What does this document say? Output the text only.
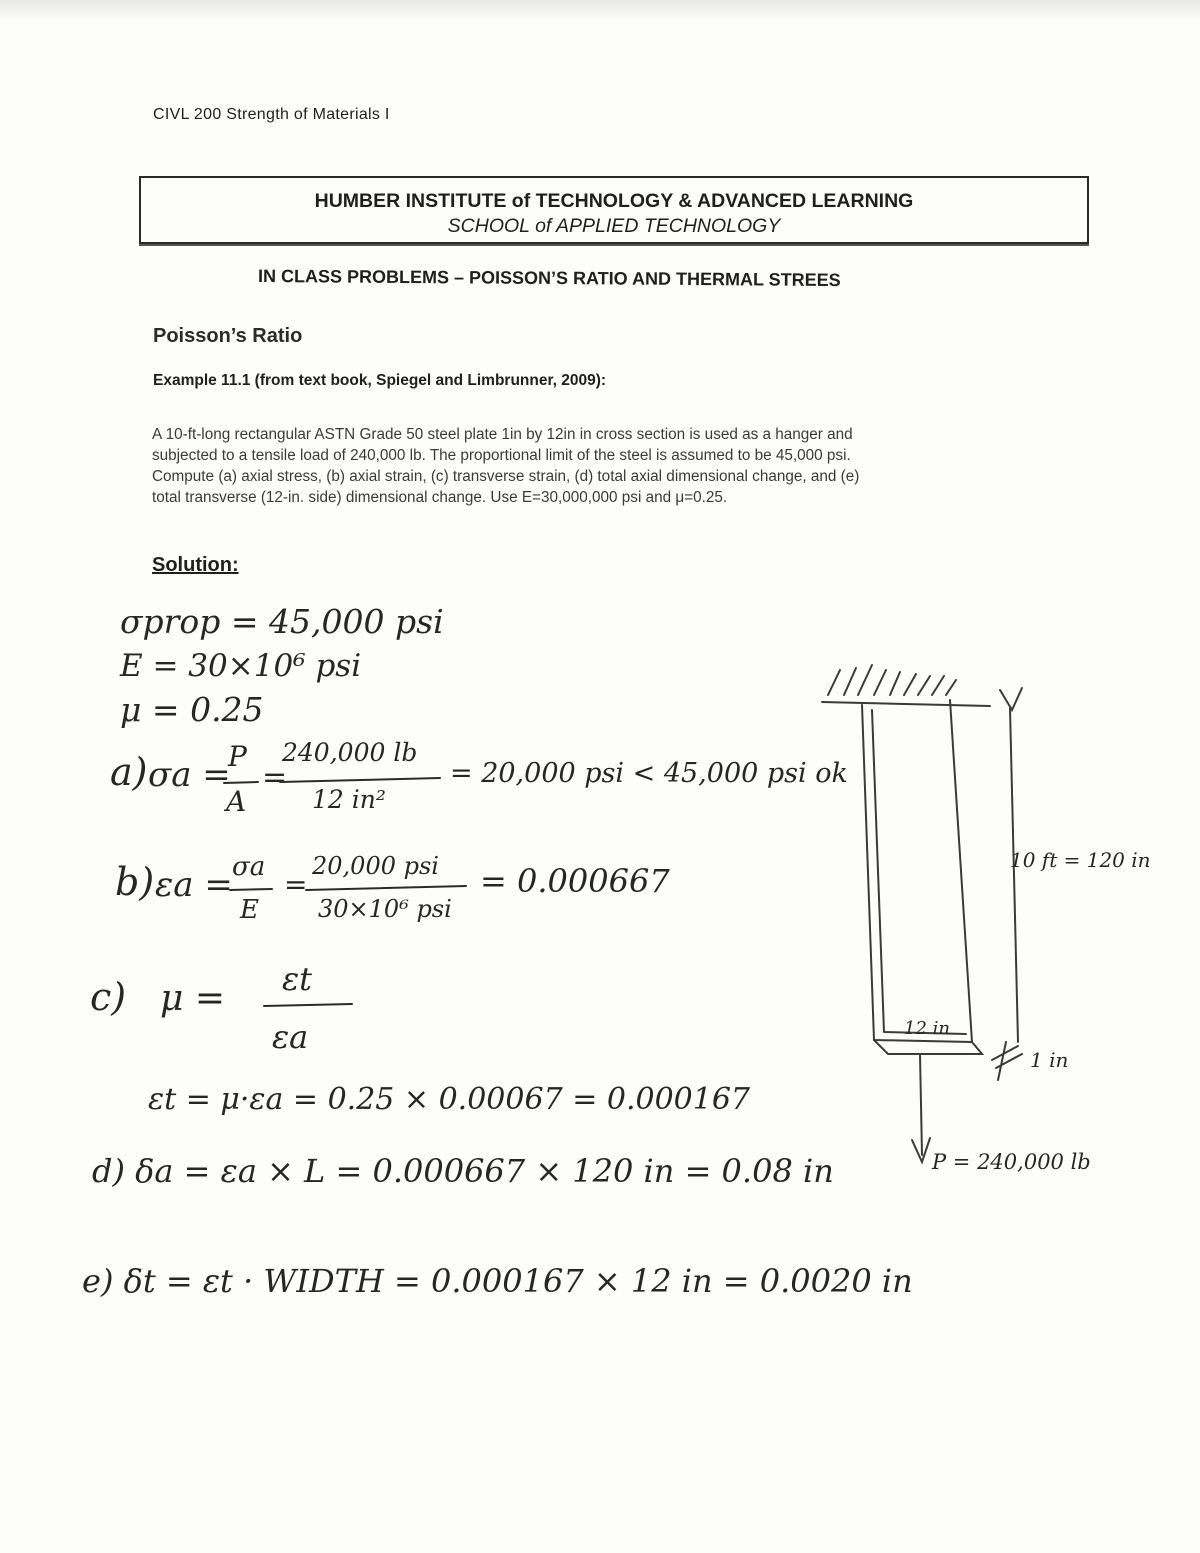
CIVL 200 Strength of Materials I
HUMBER INSTITUTE of TECHNOLOGY & ADVANCED LEARNING
SCHOOL of APPLIED TECHNOLOGY
IN CLASS PROBLEMS – POISSON’S RATIO AND THERMAL STREES
Poisson’s Ratio
Example 11.1 (from text book, Spiegel and Limbrunner, 2009):
A 10-ft-long rectangular ASTN Grade 50 steel plate 1in by 12in in cross section is used as a hanger and
subjected to a tensile load of 240,000 lb. The proportional limit of the steel is assumed to be 45,000 psi.
Compute (a) axial stress, (b) axial strain, (c) transverse strain, (d) total axial dimensional change, and (e)
total transverse (12-in. side) dimensional change. Use E=30,000,000 psi and μ=0.25.
Solution:
σprop = 45,000 psi
E = 30×10⁶ psi
μ = 0.25
a) σa =
P
A
=
240,000 lb
12 in²
= 20,000 psi < 45,000 psi ok
b) εa = σa
E
=
20,000 psi
30×10⁶ psi
= 0.000667
c) μ = εt
εa
εt = μ·εa = 0.25 × 0.00067 = 0.000167
d) δa = εa × L = 0.000667 × 120 in = 0.08 in
e) δt = εt · WIDTH = 0.000167 × 12 in = 0.0020 in
10 ft = 120 in
12 in
1 in
P = 240,000 lb
